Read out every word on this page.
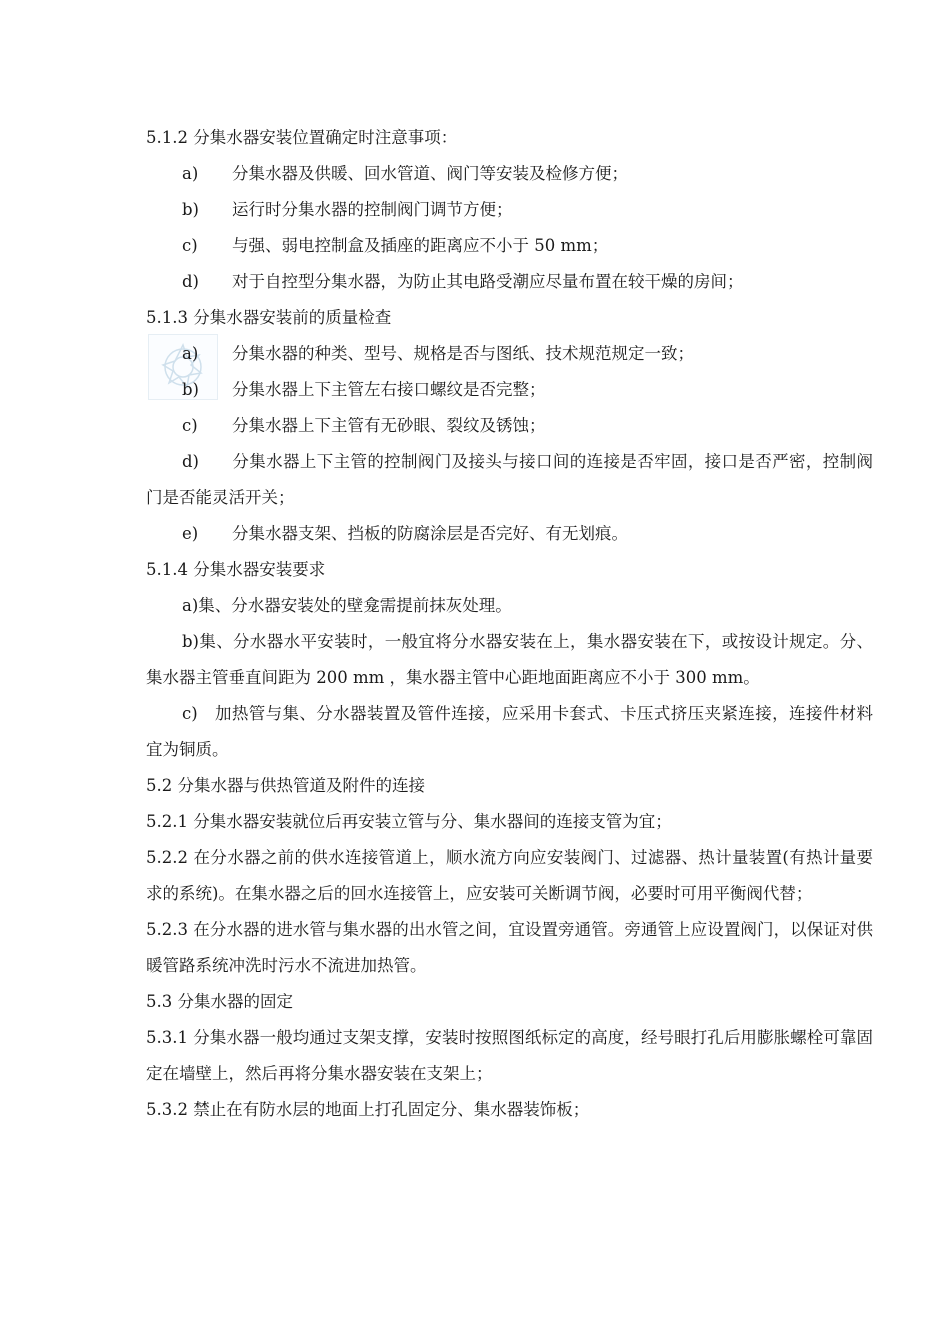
5.1.2 分集水器安装位置确定时注意事项：
a) 分集水器及供暖、回水管道、阀门等安装及检修方便；
b) 运行时分集水器的控制阀门调节方便；
c) 与强、弱电控制盒及插座的距离应不小于 50 mm；
d) 对于自控型分集水器，为防止其电路受潮应尽量布置在较干燥的房间；
5.1.3 分集水器安装前的质量检查
a) 分集水器的种类、型号、规格是否与图纸、技术规范规定一致；
b) 分集水器上下主管左右接口螺纹是否完整；
c) 分集水器上下主管有无砂眼、裂纹及锈蚀；
d) 分集水器上下主管的控制阀门及接头与接口间的连接是否牢固，接口是否严密，控制阀门是否能灵活开关；
e) 分集水器支架、挡板的防腐涂层是否完好、有无划痕。
5.1.4 分集水器安装要求
a)集、分水器安装处的壁龛需提前抹灰处理。
b)集、分水器水平安装时，一般宜将分水器安装在上，集水器安装在下，或按设计规定。分、集水器主管垂直间距为 200 mm ，集水器主管中心距地面距离应不小于 300 mm。
c)　加热管与集、分水器装置及管件连接，应采用卡套式、卡压式挤压夹紧连接，连接件材料宜为铜质。
5.2 分集水器与供热管道及附件的连接
5.2.1 分集水器安装就位后再安装立管与分、集水器间的连接支管为宜；
5.2.2 在分水器之前的供水连接管道上，顺水流方向应安装阀门、过滤器、热计量装置(有热计量要求的系统)。在集水器之后的回水连接管上，应安装可关断调节阀，必要时可用平衡阀代替；
5.2.3 在分水器的进水管与集水器的出水管之间，宜设置旁通管。旁通管上应设置阀门，以保证对供暖管路系统冲洗时污水不流进加热管。
5.3 分集水器的固定
5.3.1 分集水器一般均通过支架支撑，安装时按照图纸标定的高度，经号眼打孔后用膨胀螺栓可靠固定在墙壁上，然后再将分集水器安装在支架上；
5.3.2 禁止在有防水层的地面上打孔固定分、集水器装饰板；
